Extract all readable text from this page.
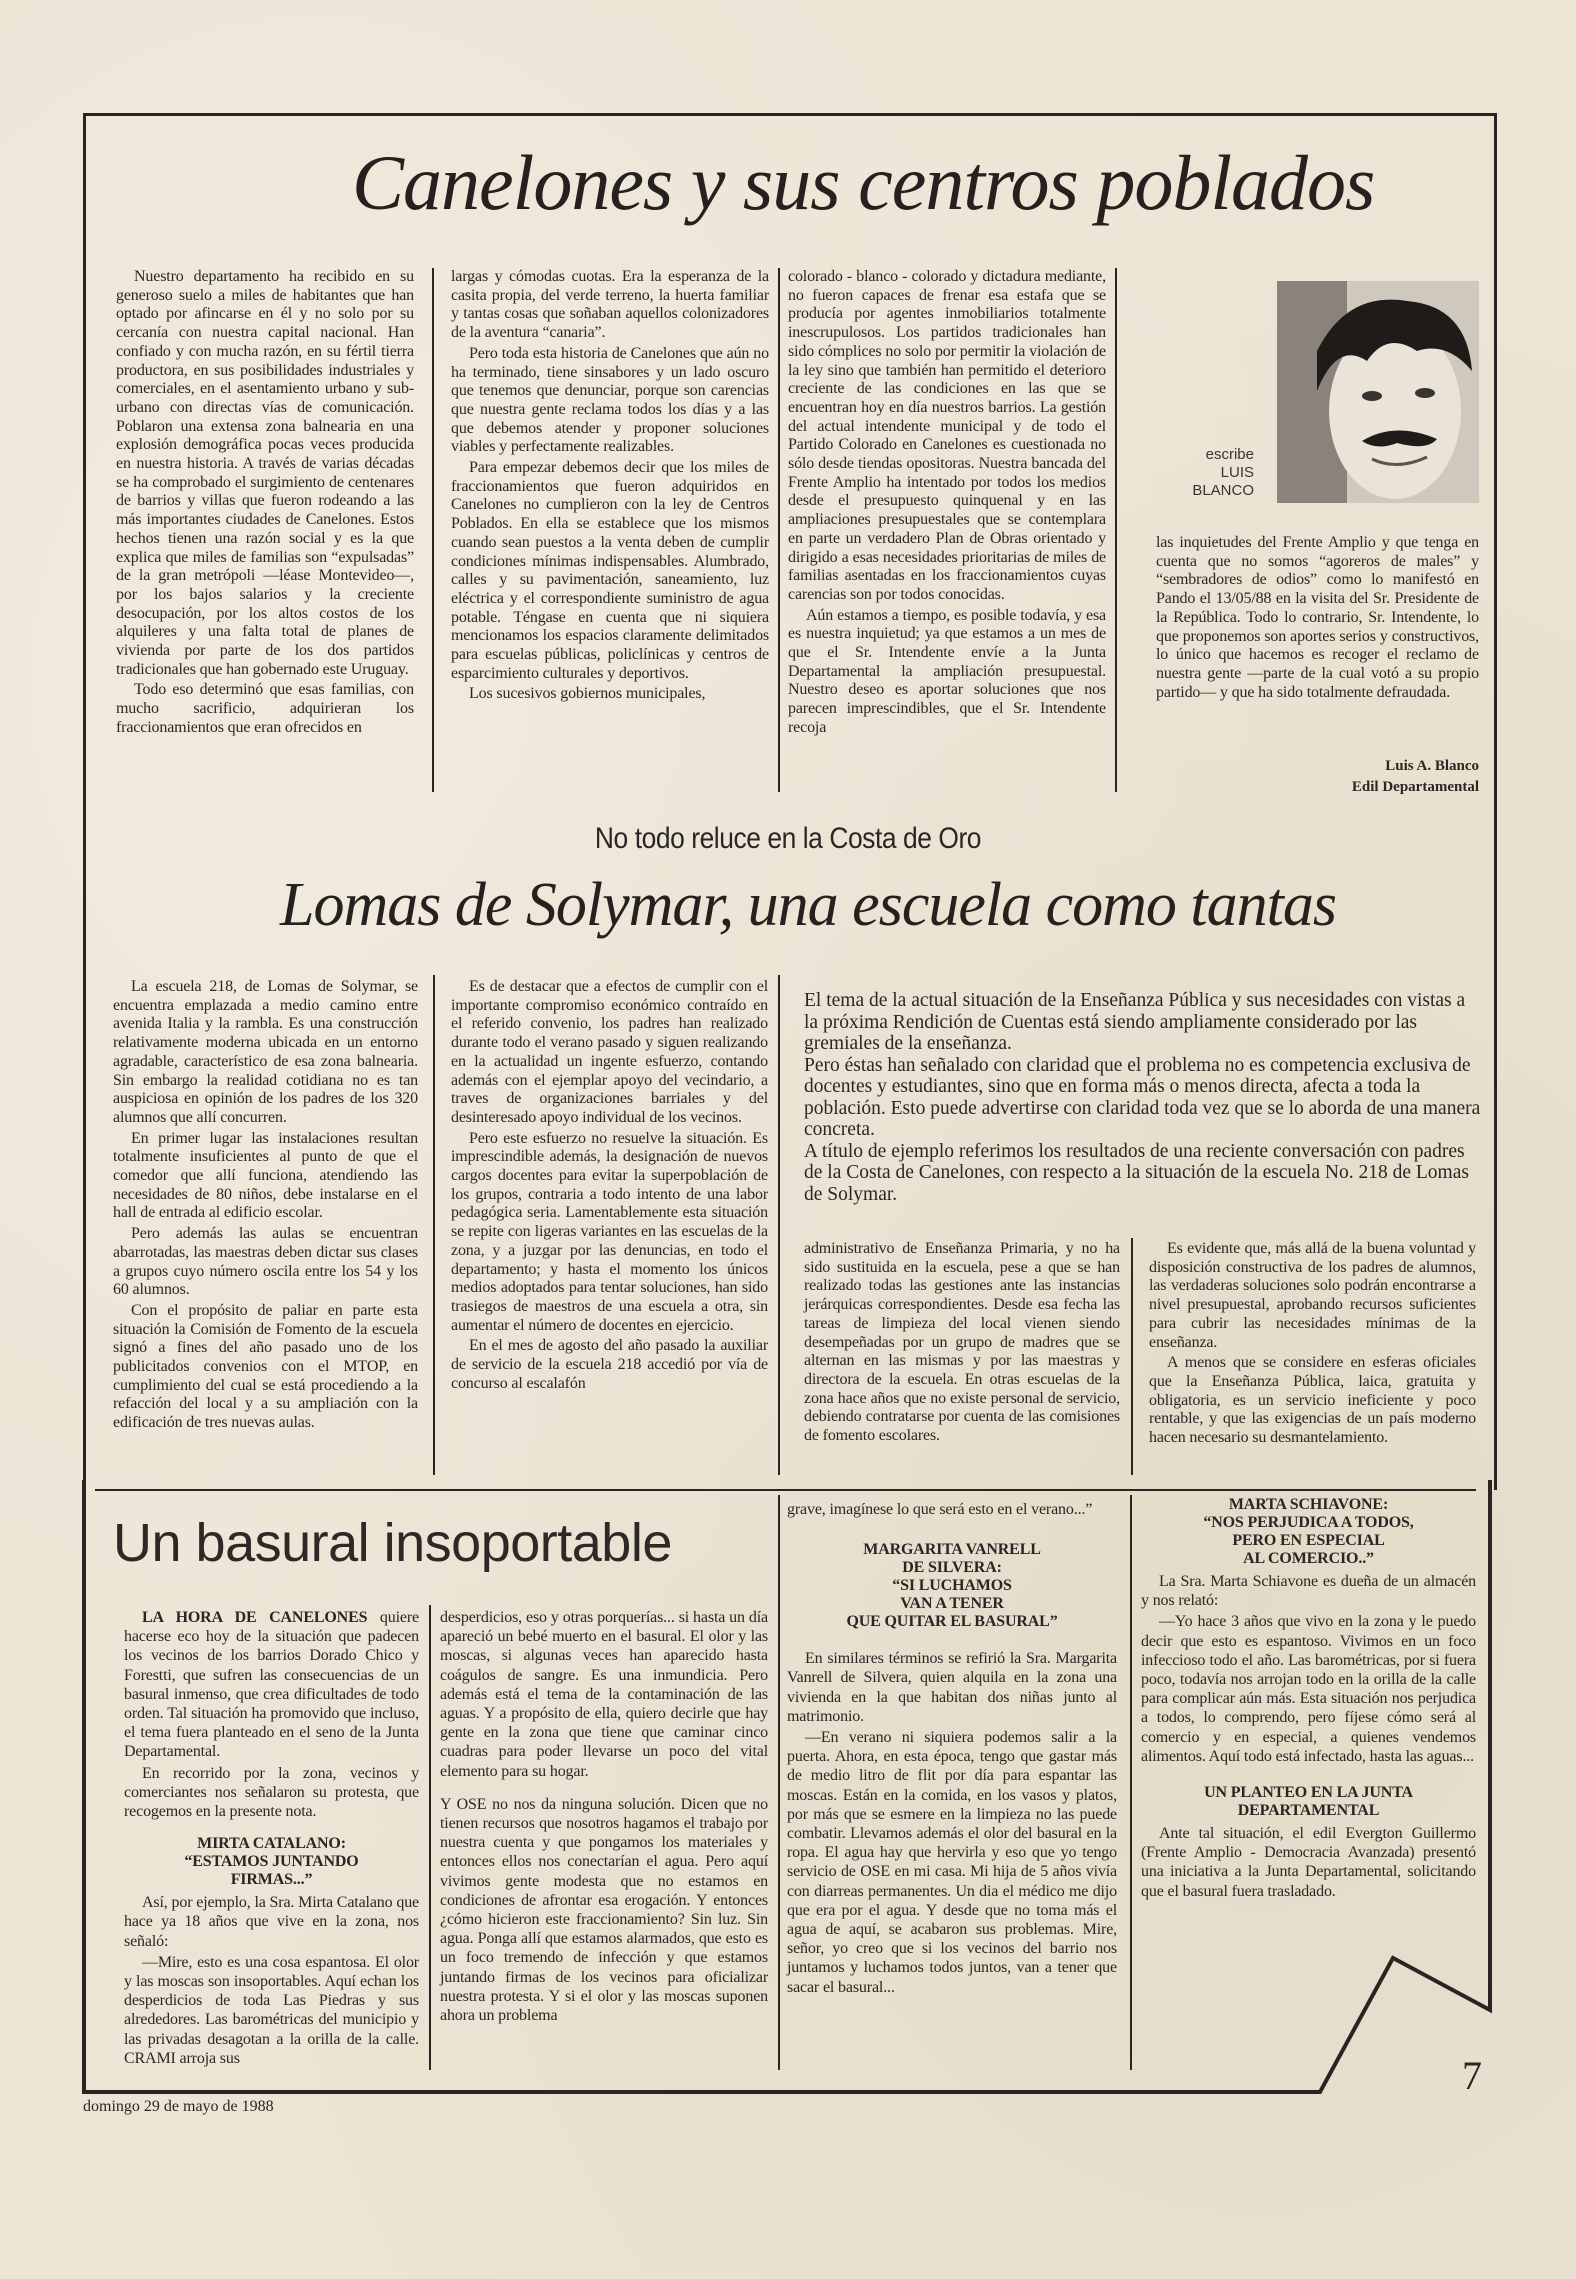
Canelones y sus centros poblados

Nuestro departamento ha recibido en su generoso suelo a miles de habitantes que han optado por afincarse en él y no solo por su cercanía con nuestra capital nacional. Han confiado y con mucha razón, en su fértil tierra productora, en sus posibilidades industriales y comerciales, en el asentamiento urbano y sub-urbano con directas vías de comunicación. Poblaron una extensa zona balnearia en una explosión demográfica pocas veces producida en nuestra historia. A través de varias décadas se ha comprobado el surgimiento de centenares de barrios y villas que fueron rodeando a las más importantes ciudades de Canelones. Estos hechos tienen una razón social y es la que explica que miles de familias son “expulsadas” de la gran metrópoli —léase Montevideo—, por los bajos salarios y la creciente desocupación, por los altos costos de los alquileres y una falta total de planes de vivienda por parte de los dos partidos tradicionales que han gobernado este Uruguay.

Todo eso determinó que esas familias, con mucho sacrificio, adquirieran los fraccionamientos que eran ofrecidos en

largas y cómodas cuotas. Era la esperanza de la casita propia, del verde terreno, la huerta familiar y tantas cosas que soñaban aquellos colonizadores de la aventura “canaria”.

Pero toda esta historia de Canelones que aún no ha terminado, tiene sinsabores y un lado oscuro que tenemos que denunciar, porque son carencias que nuestra gente reclama todos los días y a las que debemos atender y proponer soluciones viables y perfectamente realizables.

Para empezar debemos decir que los miles de fraccionamientos que fueron adquiridos en Canelones no cumplieron con la ley de Centros Poblados. En ella se establece que los mismos cuando sean puestos a la venta deben de cumplir condiciones mínimas indispensables. Alumbrado, calles y su pavimentación, saneamiento, luz eléctrica y el correspondiente suministro de agua potable. Téngase en cuenta que ni siquiera mencionamos los espacios claramente delimitados para escuelas públicas, policlínicas y centros de esparcimiento culturales y deportivos.

Los sucesivos gobiernos municipales,

colorado - blanco - colorado y dictadura mediante, no fueron capaces de frenar esa estafa que se producía por agentes inmobiliarios totalmente inescrupulosos. Los partidos tradicionales han sido cómplices no solo por permitir la violación de la ley sino que también han permitido el deterioro creciente de las condiciones en las que se encuentran hoy en día nuestros barrios. La gestión del actual intendente municipal y de todo el Partido Colorado en Canelones es cuestionada no sólo desde tiendas opositoras. Nuestra bancada del Frente Amplio ha intentado por todos los medios desde el presupuesto quinquenal y en las ampliaciones presupuestales que se contemplara en parte un verdadero Plan de Obras orientado y dirigido a esas necesidades prioritarias de miles de familias asentadas en los fraccionamientos cuyas carencias son por todos conocidas.

Aún estamos a tiempo, es posible todavía, y esa es nuestra inquietud; ya que estamos a un mes de que el Sr. Intendente envíe a la Junta Departamental la ampliación presupuestal. Nuestro deseo es aportar soluciones que nos parecen imprescindibles, que el Sr. Intendente recoja

escribe
LUIS
BLANCO

las inquietudes del Frente Amplio y que tenga en cuenta que no somos “agoreros de males” y “sembradores de odios” como lo manifestó en Pando el 13/05/88 en la visita del Sr. Presidente de la República. Todo lo contrario, Sr. Intendente, lo que proponemos son aportes serios y constructivos, lo único que hacemos es recoger el reclamo de nuestra gente —parte de la cual votó a su propio partido— y que ha sido totalmente defraudada.

Luis A. Blanco
Edil Departamental
No todo reluce en la Costa de Oro
Lomas de Solymar, una escuela como tantas

La escuela 218, de Lomas de Solymar, se encuentra emplazada a medio camino entre avenida Italia y la rambla. Es una construcción relativamente moderna ubicada en un entorno agradable, característico de esa zona balnearia. Sin embargo la realidad cotidiana no es tan auspiciosa en opinión de los padres de los 320 alumnos que allí concurren.

En primer lugar las instalaciones resultan totalmente insuficientes al punto de que el comedor que allí funciona, atendiendo las necesidades de 80 niños, debe instalarse en el hall de entrada al edificio escolar.

Pero además las aulas se encuentran abarrotadas, las maestras deben dictar sus clases a grupos cuyo número oscila entre los 54 y los 60 alumnos.

Con el propósito de paliar en parte esta situación la Comisión de Fomento de la escuela signó a fines del año pasado uno de los publicitados convenios con el MTOP, en cumplimiento del cual se está procediendo a la refacción del local y a su ampliación con la edificación de tres nuevas aulas.

Es de destacar que a efectos de cumplir con el importante compromiso económico contraído en el referido convenio, los padres han realizado durante todo el verano pasado y siguen realizando en la actualidad un ingente esfuerzo, contando además con el ejemplar apoyo del vecindario, a traves de organizaciones barriales y del desinteresado apoyo individual de los vecinos.

Pero este esfuerzo no resuelve la situación. Es imprescindible además, la designación de nuevos cargos docentes para evitar la superpoblación de los grupos, contraria a todo intento de una labor pedagógica seria. Lamentablemente esta situación se repite con ligeras variantes en las escuelas de la zona, y a juzgar por las denuncias, en todo el departamento; y hasta el momento los únicos medios adoptados para tentar soluciones, han sido trasiegos de maestros de una escuela a otra, sin aumentar el número de docentes en ejercicio.

En el mes de agosto del año pasado la auxiliar de servicio de la escuela 218 accedió por vía de concurso al escalafón

El tema de la actual situación de la Enseñanza Pública y sus necesidades con vistas a la próxima Rendición de Cuentas está siendo ampliamente considerado por las gremiales de la enseñanza.

Pero éstas han señalado con claridad que el problema no es competencia exclusiva de docentes y estudiantes, sino que en forma más o menos directa, afecta a toda la población. Esto puede advertirse con claridad toda vez que se lo aborda de una manera concreta.

A título de ejemplo referimos los resultados de una reciente conversación con padres de la Costa de Canelones, con respecto a la situación de la escuela No. 218 de Lomas de Solymar.

administrativo de Enseñanza Primaria, y no ha sido sustituida en la escuela, pese a que se han realizado todas las gestiones ante las instancias jerárquicas correspondientes. Desde esa fecha las tareas de limpieza del local vienen siendo desempeñadas por un grupo de madres que se alternan en las mismas y por las maestras y directora de la escuela. En otras escuelas de la zona hace años que no existe personal de servicio, debiendo contratarse por cuenta de las comisiones de fomento escolares.

Es evidente que, más allá de la buena voluntad y disposición constructiva de los padres de alumnos, las verdaderas soluciones solo podrán encontrarse a nivel presupuestal, aprobando recursos suficientes para cubrir las necesidades mínimas de la enseñanza.

A menos que se considere en esferas oficiales que la Enseñanza Pública, laica, gratuita y obligatoria, es un servicio ineficiente y poco rentable, y que las exigencias de un país moderno hacen necesario su desmantelamiento.

Un basural insoportable

LA HORA DE CANELONES quiere hacerse eco hoy de la situación que padecen los vecinos de los barrios Dorado Chico y Forestti, que sufren las consecuencias de un basural inmenso, que crea dificultades de todo orden. Tal situación ha promovido que incluso, el tema fuera planteado en el seno de la Junta Departamental.

En recorrido por la zona, vecinos y comerciantes nos señalaron su protesta, que recogemos en la presente nota.

MIRTA CATALANO:
“ESTAMOS JUNTANDO
FIRMAS...”

Así, por ejemplo, la Sra. Mirta Catalano que hace ya 18 años que vive en la zona, nos señaló:

—Mire, esto es una cosa espantosa. El olor y las moscas son insoportables. Aquí echan los desperdicios de toda Las Piedras y sus alrededores. Las barométricas del municipio y las privadas desagotan a la orilla de la calle. CRAMI arroja sus

desperdicios, eso y otras porquerías... si hasta un día apareció un bebé muerto en el basural. El olor y las moscas, si algunas veces han aparecido hasta coágulos de sangre. Es una inmundicia. Pero además está el tema de la contaminación de las aguas. Y a propósito de ella, quiero decirle que hay gente en la zona que tiene que caminar cinco cuadras para poder llevarse un poco del vital elemento para su hogar.

Y OSE no nos da ninguna solución. Dicen que no tienen recursos que nosotros hagamos el trabajo por nuestra cuenta y que pongamos los materiales y entonces ellos nos conectarían el agua. Pero aquí vivimos gente modesta que no estamos en condiciones de afrontar esa erogación. Y entonces ¿cómo hicieron este fraccionamiento? Sin luz. Sin agua. Ponga allí que estamos alarmados, que esto es un foco tremendo de infección y que estamos juntando firmas de los vecinos para oficializar nuestra protesta. Y si el olor y las moscas suponen ahora un problema

grave, imagínese lo que será esto en el verano...”

MARGARITA VANRELL
DE SILVERA:
“SI LUCHAMOS
VAN A TENER
QUE QUITAR EL BASURAL”

En similares términos se refirió la Sra. Margarita Vanrell de Silvera, quien alquila en la zona una vivienda en la que habitan dos niñas junto al matrimonio.

—En verano ni siquiera podemos salir a la puerta. Ahora, en esta época, tengo que gastar más de medio litro de flit por día para espantar las moscas. Están en la comida, en los vasos y platos, por más que se esmere en la limpieza no las puede combatir. Llevamos además el olor del basural en la ropa. El agua hay que hervirla y eso que yo tengo servicio de OSE en mi casa. Mi hija de 5 años vivía con diarreas permanentes. Un dia el médico me dijo que era por el agua. Y desde que no toma más el agua de aquí, se acabaron sus problemas. Mire, señor, yo creo que si los vecinos del barrio nos juntamos y luchamos todos juntos, van a tener que sacar el basural...

MARTA SCHIAVONE:
“NOS PERJUDICA A TODOS,
PERO EN ESPECIAL
AL COMERCIO..”

La Sra. Marta Schiavone es dueña de un almacén y nos relató:

—Yo hace 3 años que vivo en la zona y le puedo decir que esto es espantoso. Vivimos en un foco infeccioso todo el año. Las barométricas, por si fuera poco, todavía nos arrojan todo en la orilla de la calle para complicar aún más. Esta situación nos perjudica a todos, lo comprendo, pero fíjese cómo será al comercio y en especial, a quienes vendemos alimentos. Aquí todo está infectado, hasta las aguas...

UN PLANTEO EN LA JUNTA
DEPARTAMENTAL

Ante tal situación, el edil Evergton Guillermo (Frente Amplio - Democracia Avanzada) presentó una iniciativa a la Junta Departamental, solicitando que el basural fuera trasladado.

domingo 29 de mayo de 1988
7
